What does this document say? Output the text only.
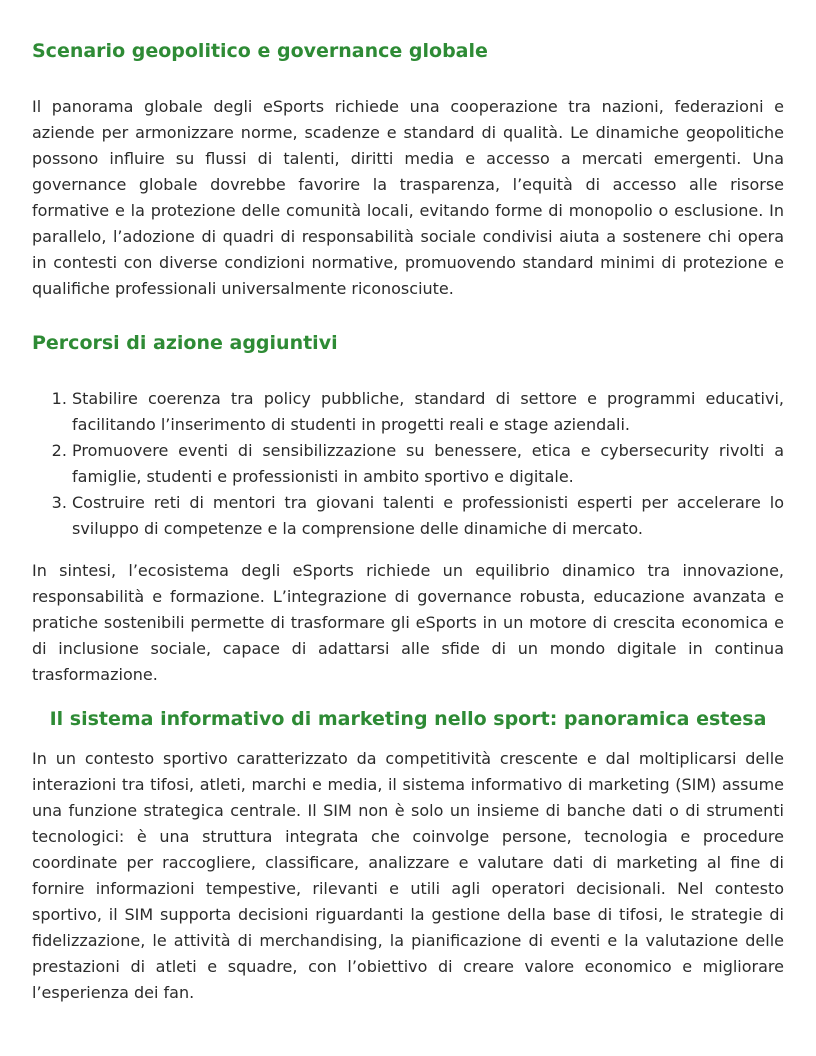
Scenario geopolitico e governance globale

Il panorama globale degli eSports richiede una cooperazione tra nazioni, federazioni e aziende per armonizzare norme, scadenze e standard di qualità. Le dinamiche geopolitiche possono influire su flussi di talenti, diritti media e accesso a mercati emergenti. Una governance globale dovrebbe favorire la trasparenza, l’equità di accesso alle risorse formative e la protezione delle comunità locali, evitando forme di monopolio o esclusione. In parallelo, l’adozione di quadri di responsabilità sociale condivisi aiuta a sostenere chi opera in contesti con diverse condizioni normative, promuovendo standard minimi di protezione e qualifiche professionali universalmente riconosciute.

Percorsi di azione aggiuntivi
1. Stabilire coerenza tra policy pubbliche, standard di settore e programmi educativi, facilitando l’inserimento di studenti in progetti reali e stage aziendali.
2. Promuovere eventi di sensibilizzazione su benessere, etica e cybersecurity rivolti a famiglie, studenti e professionisti in ambito sportivo e digitale.
3. Costruire reti di mentori tra giovani talenti e professionisti esperti per accelerare lo sviluppo di competenze e la comprensione delle dinamiche di mercato.

In sintesi, l’ecosistema degli eSports richiede un equilibrio dinamico tra innovazione, responsabilità e formazione. L’integrazione di governance robusta, educazione avanzata e pratiche sostenibili permette di trasformare gli eSports in un motore di crescita economica e di inclusione sociale, capace di adattarsi alle sfide di un mondo digitale in continua trasformazione.

Il sistema informativo di marketing nello sport: panoramica estesa

In un contesto sportivo caratterizzato da competitività crescente e dal moltiplicarsi delle interazioni tra tifosi, atleti, marchi e media, il sistema informativo di marketing (SIM) assume una funzione strategica centrale. Il SIM non è solo un insieme di banche dati o di strumenti tecnologici: è una struttura integrata che coinvolge persone, tecnologia e procedure coordinate per raccogliere, classificare, analizzare e valutare dati di marketing al fine di fornire informazioni tempestive, rilevanti e utili agli operatori decisionali. Nel contesto sportivo, il SIM supporta decisioni riguardanti la gestione della base di tifosi, le strategie di fidelizzazione, le attività di merchandising, la pianificazione di eventi e la valutazione delle prestazioni di atleti e squadre, con l’obiettivo di creare valore economico e migliorare l’esperienza dei fan.
